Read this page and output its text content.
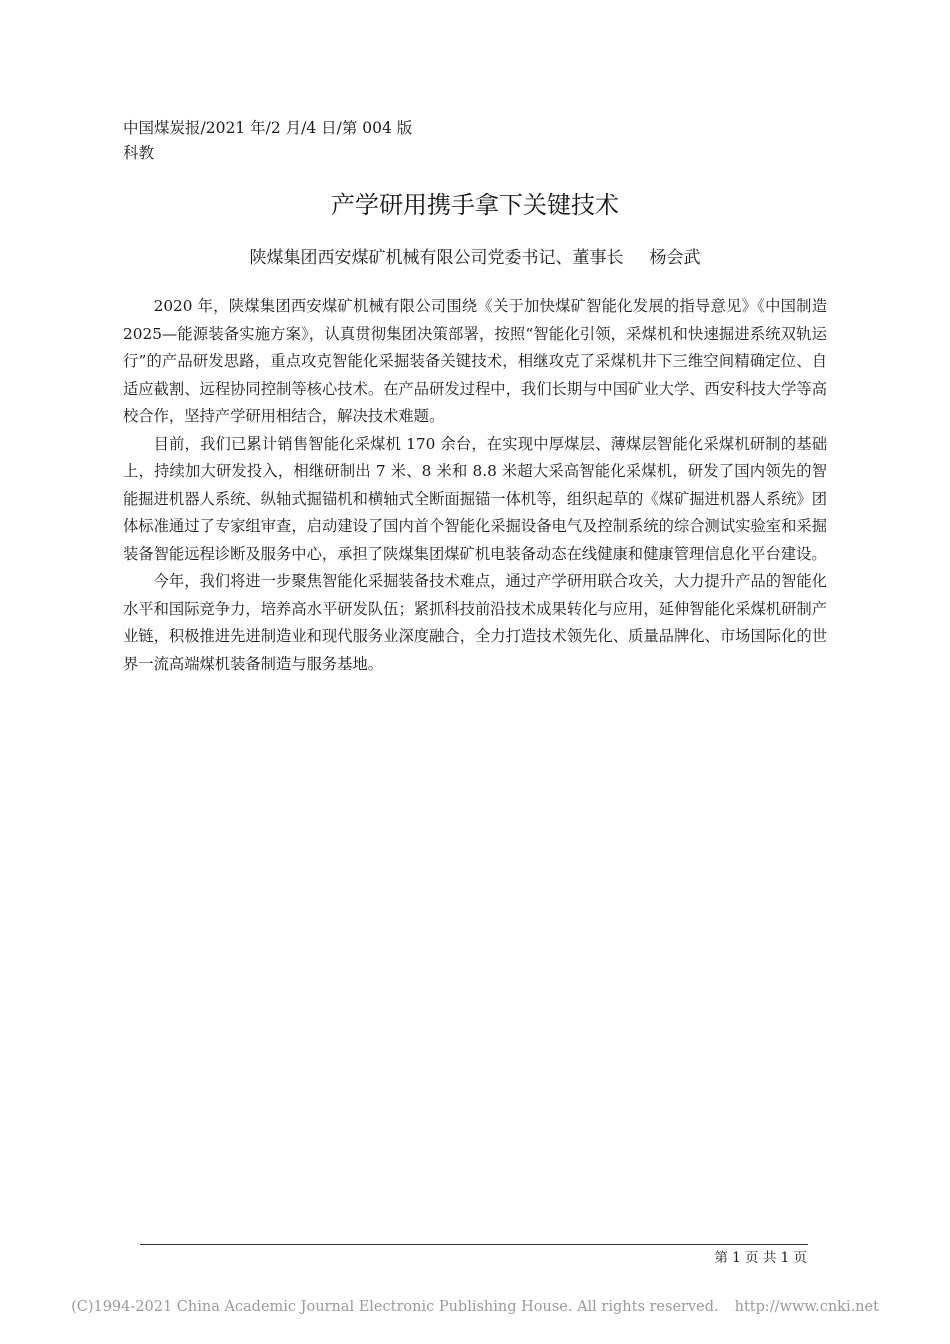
中国煤炭报/2021 年/2 月/4 日/第 004 版
科教

产学研用携手拿下关键技术

陕煤集团西安煤矿机械有限公司党委书记、董事长 杨会武

2020 年，陕煤集团西安煤矿机械有限公司围绕《关于加快煤矿智能化发展的指导意见》《中国制造 2025—能源装备实施方案》，认真贯彻集团决策部署，按照“智能化引领，采煤机和快速掘进系统双轨运行”的产品研发思路，重点攻克智能化采掘装备关键技术，相继攻克了采煤机井下三维空间精确定位、自适应截割、远程协同控制等核心技术。在产品研发过程中，我们长期与中国矿业大学、西安科技大学等高校合作，坚持产学研用相结合，解决技术难题。

目前，我们已累计销售智能化采煤机 170 余台，在实现中厚煤层、薄煤层智能化采煤机研制的基础上，持续加大研发投入，相继研制出 7 米、8 米和 8.8 米超大采高智能化采煤机，研发了国内领先的智能掘进机器人系统、纵轴式掘锚机和横轴式全断面掘锚一体机等，组织起草的《煤矿掘进机器人系统》团体标准通过了专家组审查，启动建设了国内首个智能化采掘设备电气及控制系统的综合测试实验室和采掘装备智能远程诊断及服务中心，承担了陕煤集团煤矿机电装备动态在线健康和健康管理信息化平台建设。

今年，我们将进一步聚焦智能化采掘装备技术难点，通过产学研用联合攻关，大力提升产品的智能化水平和国际竞争力，培养高水平研发队伍；紧抓科技前沿技术成果转化与应用，延伸智能化采煤机研制产业链，积极推进先进制造业和现代服务业深度融合，全力打造技术领先化、质量品牌化、市场国际化的世界一流高端煤机装备制造与服务基地。

第 1 页 共 1 页

(C)1994-2021 China Academic Journal Electronic Publishing House. All rights reserved. http://www.cnki.net
